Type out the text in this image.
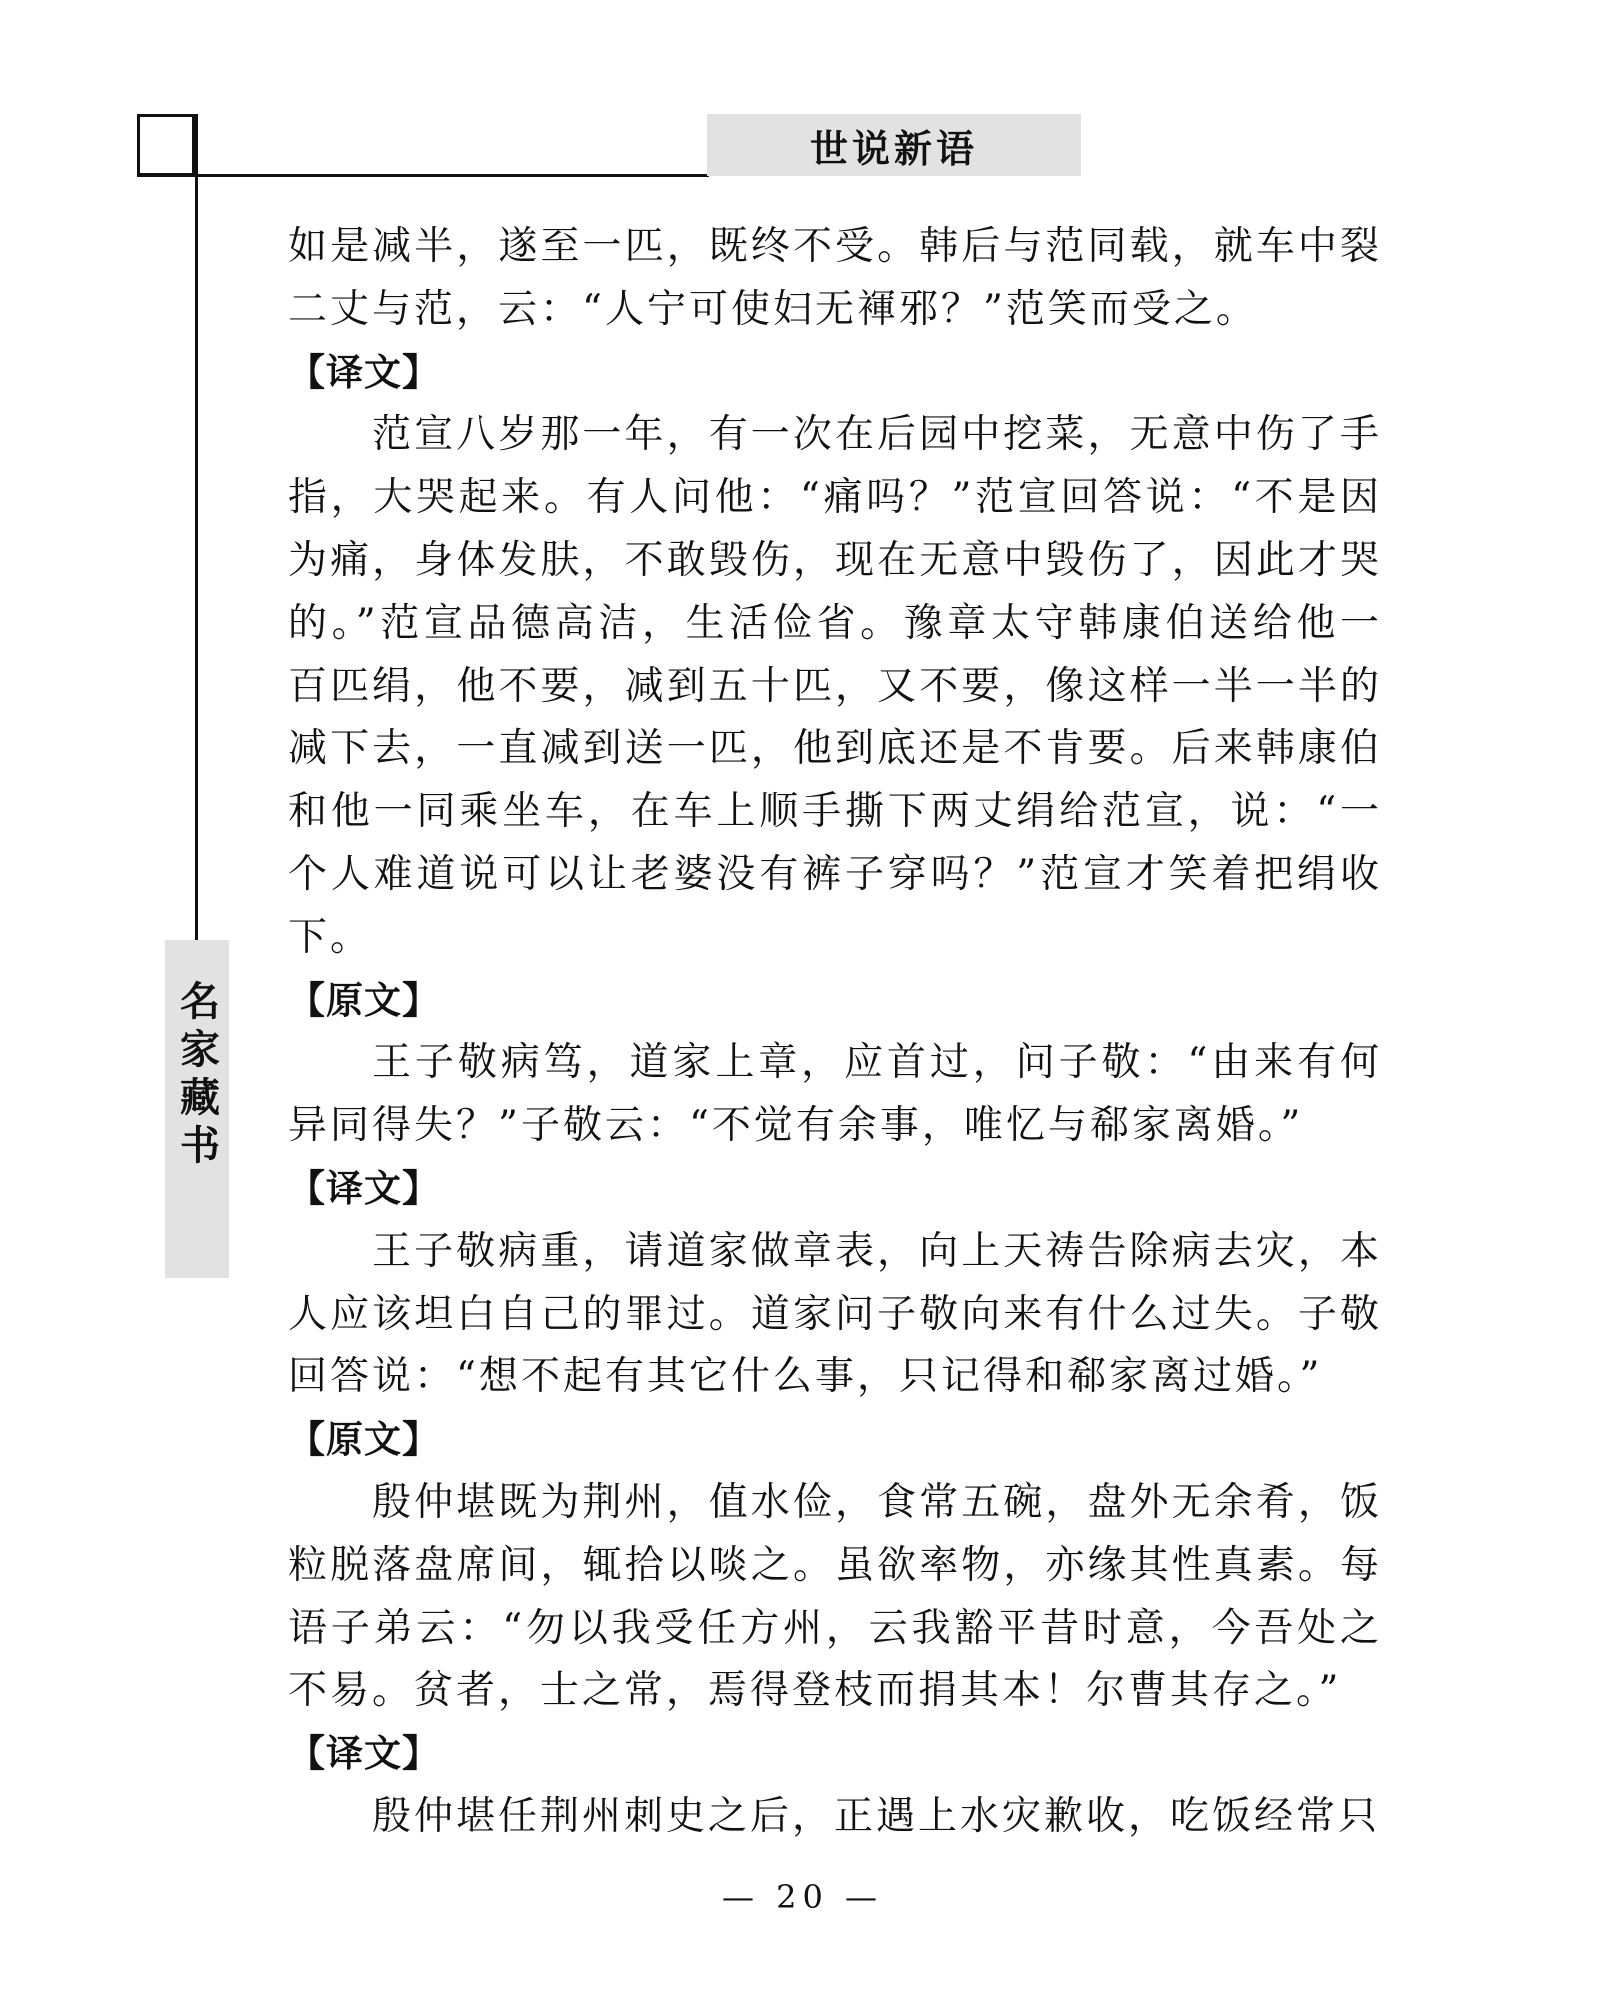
世说新语
名家藏书

如是减半，遂至一匹，既终不受。韩后与范同载，就车中裂二丈与范，云：“人宁可使妇无褌邪？”范笑而受之。

【译文】

范宣八岁那一年，有一次在后园中挖菜，无意中伤了手指，大哭起来。有人问他：“痛吗？”范宣回答说：“不是因为痛，身体发肤，不敢毁伤，现在无意中毁伤了，因此才哭的。”范宣品德高洁，生活俭省。豫章太守韩康伯送给他一百匹绢，他不要，减到五十匹，又不要，像这样一半一半的减下去，一直减到送一匹，他到底还是不肯要。后来韩康伯和他一同乘坐车，在车上顺手撕下两丈绢给范宣，说：“一个人难道说可以让老婆没有裤子穿吗？”范宣才笑着把绢收下。

【原文】

王子敬病笃，道家上章，应首过，问子敬：“由来有何异同得失？”子敬云：“不觉有余事，唯忆与郗家离婚。”

【译文】

王子敬病重，请道家做章表，向上天祷告除病去灾，本人应该坦白自己的罪过。道家问子敬向来有什么过失。子敬回答说：“想不起有其它什么事，只记得和郗家离过婚。”

【原文】

殷仲堪既为荆州，值水俭，食常五碗，盘外无余肴，饭粒脱落盘席间，辄拾以啖之。虽欲率物，亦缘其性真素。每语子弟云：“勿以我受任方州，云我豁平昔时意，今吾处之不易。贫者，士之常，焉得登枝而捐其本！尔曹其存之。”

【译文】

殷仲堪任荆州刺史之后，正遇上水灾歉收，吃饭经常只

— 20 —
